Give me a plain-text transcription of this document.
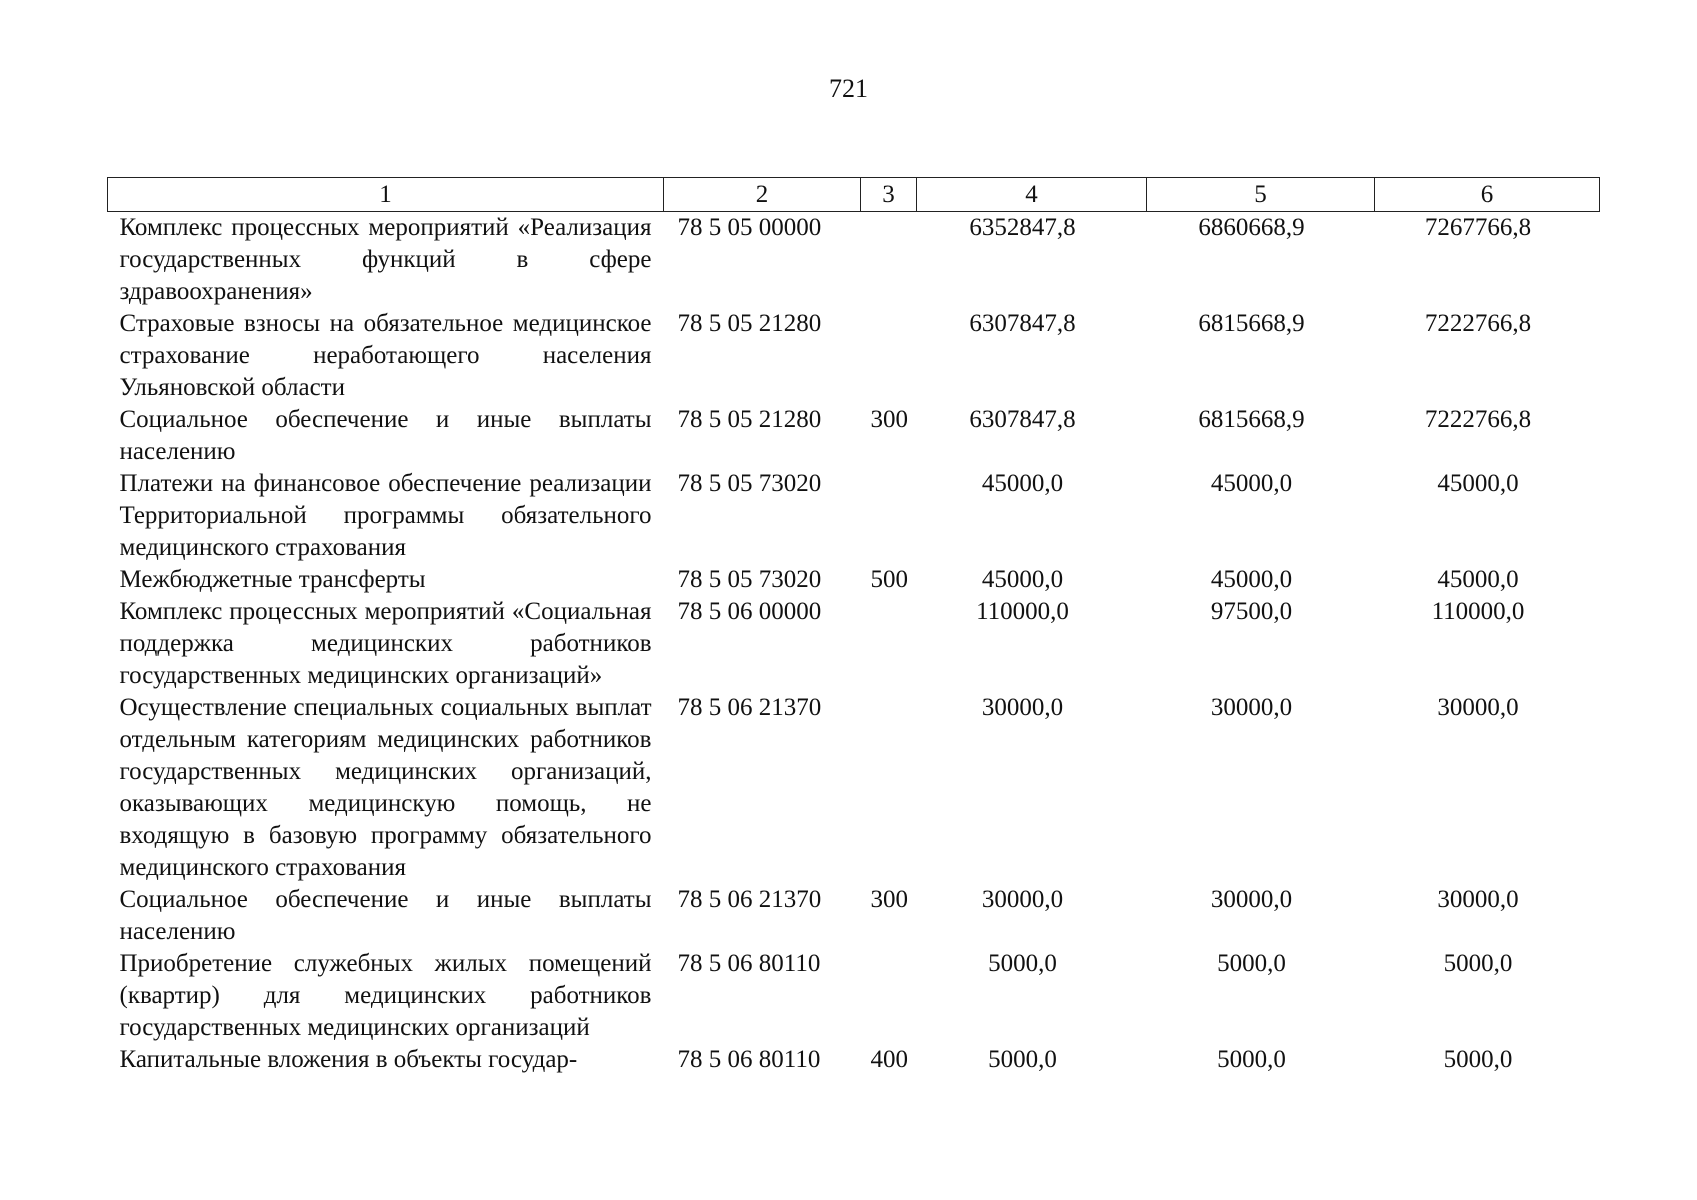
721
1	2	3	4	5	6
Комплекс процессных мероприятий «Реализация государственных функций в сфере здравоохранения»	78 5 05 00000		6352847,8	6860668,9	7267766,8
Страховые взносы на обязательное медицинское страхование неработающего населения Ульяновской области	78 5 05 21280		6307847,8	6815668,9	7222766,8
Социальное обеспечение и иные выплаты населению	78 5 05 21280	300	6307847,8	6815668,9	7222766,8
Платежи на финансовое обеспечение реализации Территориальной программы обязательного медицинского страхования	78 5 05 73020		45000,0	45000,0	45000,0
Межбюджетные трансферты	78 5 05 73020	500	45000,0	45000,0	45000,0
Комплекс процессных мероприятий «Социальная поддержка медицинских работников государственных медицинских организаций»	78 5 06 00000		110000,0	97500,0	110000,0
Осуществление специальных социальных выплат отдельным категориям медицинских работников государственных медицинских организаций, оказывающих медицинскую помощь, не входящую в базовую программу обязательного медицинского страхования	78 5 06 21370		30000,0	30000,0	30000,0
Социальное обеспечение и иные выплаты населению	78 5 06 21370	300	30000,0	30000,0	30000,0
Приобретение служебных жилых помещений (квартир) для медицинских работников государственных медицинских организаций	78 5 06 80110		5000,0	5000,0	5000,0
Капитальные вложения в объекты государ-	78 5 06 80110	400	5000,0	5000,0	5000,0
